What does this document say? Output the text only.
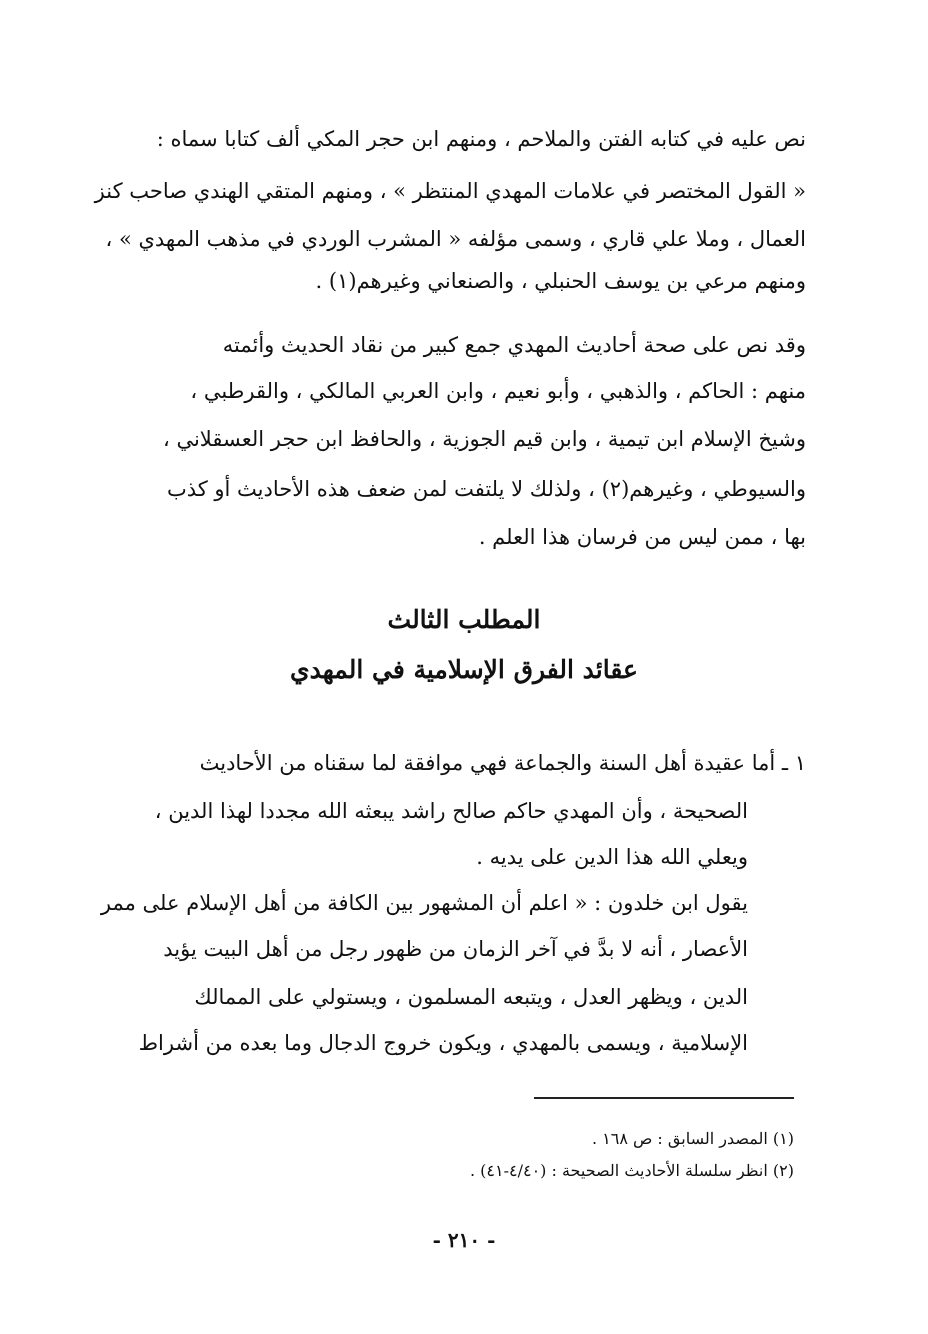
نص عليه في كتابه الفتن والملاحم ، ومنهم ابن حجر المكي ألف كتابا سماه :
« القول المختصر في علامات المهدي المنتظر » ، ومنهم المتقي الهندي صاحب كنز
العمال ، وملا علي قاري ، وسمى مؤلفه « المشرب الوردي في مذهب المهدي » ،
ومنهم مرعي بن يوسف الحنبلي ، والصنعاني وغيرهم(١) .
وقد نص على صحة أحاديث المهدي جمع كبير من نقاد الحديث وأئمته
منهم : الحاكم ، والذهبي ، وأبو نعيم ، وابن العربي المالكي ، والقرطبي ،
وشيخ الإسلام ابن تيمية ، وابن قيم الجوزية ، والحافظ ابن حجر العسقلاني ،
والسيوطي ، وغيرهم(٢) ، ولذلك لا يلتفت لمن ضعف هذه الأحاديث أو كذب
بها ، ممن ليس من فرسان هذا العلم .
المطلب الثالث
عقائد الفرق الإسلامية في المهدي
١ ـ أما عقيدة أهل السنة والجماعة فهي موافقة لما سقناه من الأحاديث
الصحيحة ، وأن المهدي حاكم صالح راشد يبعثه الله مجددا لهذا الدين ،
ويعلي الله هذا الدين على يديه .
يقول ابن خلدون : « اعلم أن المشهور بين الكافة من أهل الإسلام على ممر
الأعصار ، أنه لا بدَّ في آخر الزمان من ظهور رجل من أهل البيت يؤيد
الدين ، ويظهر العدل ، ويتبعه المسلمون ، ويستولي على الممالك
الإسلامية ، ويسمى بالمهدي ، ويكون خروج الدجال وما بعده من أشراط
(١) المصدر السابق : ص ١٦٨ .
(٢) انظر سلسلة الأحاديث الصحيحة : (٤/٤٠-٤١) .
- ٢١٠ -
